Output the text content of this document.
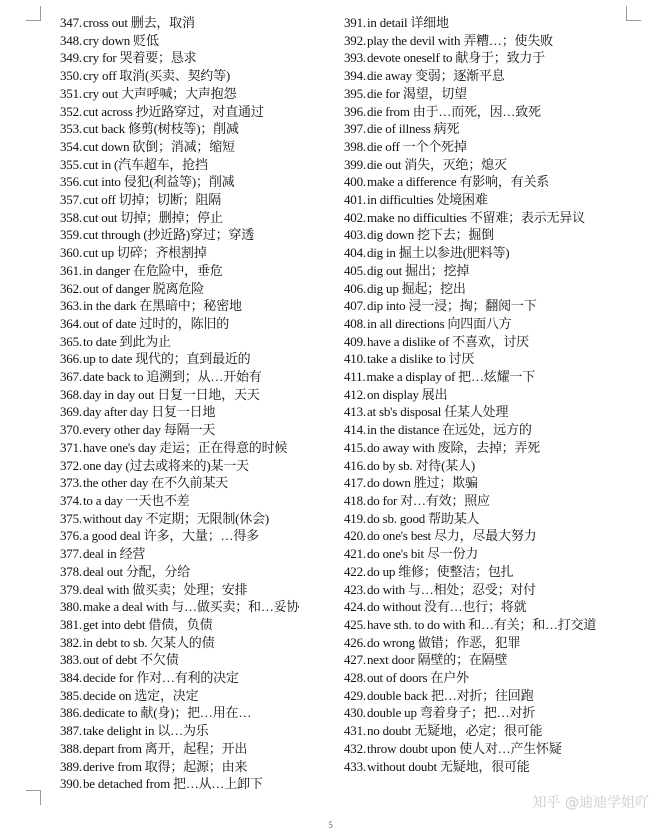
347.cross out 删去，取消
348.cry down 贬低
349.cry for 哭着要；恳求
350.cry off 取消(买卖、契约等)
351.cry out 大声呼喊；大声抱怨
352.cut across 抄近路穿过，对直通过
353.cut back 修剪(树枝等)；削减
354.cut down 砍倒；消减；缩短
355.cut in (汽车超车，抢挡
356.cut into 侵犯(利益等)；削减
357.cut off 切掉；切断；阻隔
358.cut out 切掉；删掉；停止
359.cut through (抄近路)穿过；穿透
360.cut up 切碎；齐根割掉
361.in danger 在危险中，垂危
362.out of danger 脱离危险
363.in the dark 在黑暗中；秘密地
364.out of date 过时的，陈旧的
365.to date 到此为止
366.up to date 现代的；直到最近的
367.date back to 追溯到；从…开始有
368.day in day out 日复一日地，天天
369.day after day 日复一日地
370.every other day 每隔一天
371.have one's day 走运；正在得意的时候
372.one day (过去或将来的)某一天
373.the other day 在不久前某天
374.to a day 一天也不差
375.without day 不定期；无限制(休会)
376.a good deal 许多，大量；…得多
377.deal in 经营
378.deal out 分配，分给
379.deal with 做买卖；处理；安排
380.make a deal with 与…做买卖；和…妥协
381.get into debt 借债，负债
382.in debt to sb. 欠某人的债
383.out of debt 不欠债
384.decide for 作对…有利的决定
385.decide on 选定，决定
386.dedicate to 献(身)；把…用在…
387.take delight in 以…为乐
388.depart from 离开，起程；开出
389.derive from 取得；起源；由来
390.be detached from 把…从…上卸下
391.in detail 详细地
392.play the devil with 弄糟…；使失败
393.devote oneself to 献身于；致力于
394.die away 变弱；逐渐平息
395.die for 渴望，切望
396.die from 由于…而死，因…致死
397.die of illness 病死
398.die off 一个个死掉
399.die out 消失，灭绝；熄灭
400.make a difference 有影响，有关系
401.in difficulties 处境困难
402.make no difficulties 不留难；表示无异议
403.dig down 挖下去；掘倒
404.dig in 掘土以参进(肥料等)
405.dig out 掘出；挖掉
406.dig up 掘起；挖出
407.dip into 浸一浸；掏；翻阅一下
408.in all directions 向四面八方
409.have a dislike of 不喜欢，讨厌
410.take a dislike to 讨厌
411.make a display of 把…炫耀一下
412.on display 展出
413.at sb's disposal 任某人处理
414.in the distance 在远处，远方的
415.do away with 废除，去掉；弄死
416.do by sb. 对待(某人)
417.do down 胜过；欺骗
418.do for 对…有效；照应
419.do sb. good 帮助某人
420.do one's best 尽力，尽最大努力
421.do one's bit 尽一份力
422.do up 维修；使整洁；包扎
423.do with 与…相处；忍受；对付
424.do without 没有…也行；将就
425.have sth. to do with 和…有关；和…打交道
426.do wrong 做错；作恶，犯罪
427.next door 隔壁的；在隔壁
428.out of doors 在户外
429.double back 把…对折；往回跑
430.double up 弯着身子；把…对折
431.no doubt 无疑地，必定；很可能
432.throw doubt upon 使人对…产生怀疑
433.without doubt 无疑地，很可能
5
知乎 @迪迪学姐吖
